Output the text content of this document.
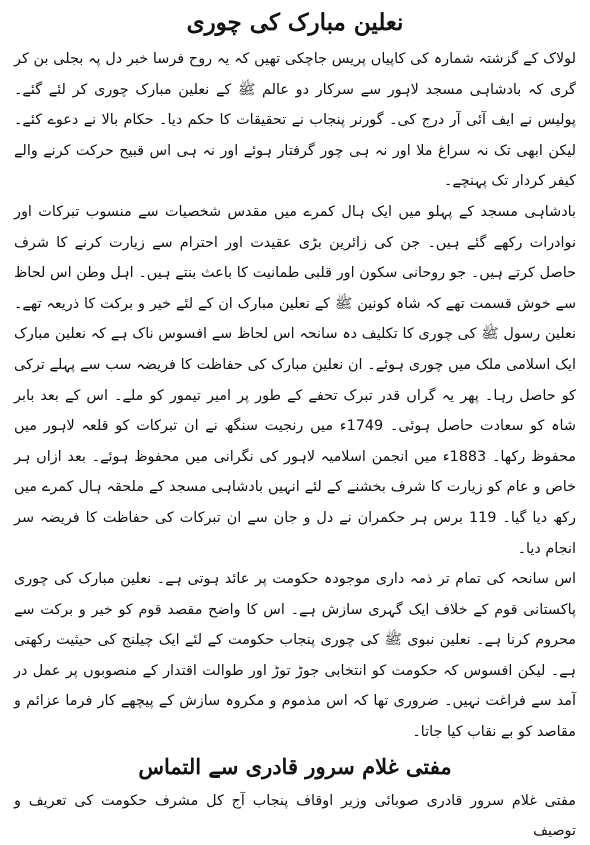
نعلین مبارک کی چوری

لولاک کے گزشتہ شمارہ کی کاپیاں پریس جاچکی تھیں کہ یہ روح فرسا خبر دل پہ بجلی بن کر گری کہ بادشاہی مسجد لاہور سے سرکار دو عالم ﷺ کے نعلین مبارک چوری کر لئے گئے۔ پولیس نے ایف آئی آر درج کی۔ گورنر پنجاب نے تحقیقات کا حکم دیا۔ حکام بالا نے دعوے کئے۔ لیکن ابھی تک نہ سراغ ملا اور نہ ہی چور گرفتار ہوئے اور نہ ہی اس قبیح حرکت کرنے والے کیفر کردار تک پہنچے۔

بادشاہی مسجد کے پہلو میں ایک ہال کمرے میں مقدس شخصیات سے منسوب تبرکات اور نوادرات رکھے گئے ہیں۔ جن کی زائرین بڑی عقیدت اور احترام سے زیارت کرنے کا شرف حاصل کرتے ہیں۔ جو روحانی سکون اور قلبی طمانیت کا باعث بنتے ہیں۔ اہل وطن اس لحاظ سے خوش قسمت تھے کہ شاہ کونین ﷺ کے نعلین مبارک ان کے لئے خیر و برکت کا ذریعہ تھے۔ نعلین رسول ﷺ کی چوری کا تکلیف دہ سانحہ اس لحاظ سے افسوس ناک ہے کہ نعلین مبارک ایک اسلامی ملک میں چوری ہوئے۔ ان نعلین مبارک کی حفاظت کا فریضہ سب سے پہلے ترکی کو حاصل رہا۔ پھر یہ گراں قدر تبرک تحفے کے طور پر امیر تیمور کو ملے۔ اس کے بعد بابر شاہ کو سعادت حاصل ہوئی۔ 1749ء میں رنجیت سنگھ نے ان تبرکات کو قلعہ لاہور میں محفوظ رکھا۔ 1883ء میں انجمن اسلامیہ لاہور کی نگرانی میں محفوظ ہوئے۔ بعد ازاں ہر خاص و عام کو زیارت کا شرف بخشنے کے لئے انہیں بادشاہی مسجد کے ملحقہ ہال کمرے میں رکھ دیا گیا۔ 119 برس ہر حکمران نے دل و جان سے ان تبرکات کی حفاظت کا فریضہ سر انجام دیا۔

اس سانحہ کی تمام تر ذمہ داری موجودہ حکومت پر عائد ہوتی ہے۔ نعلین مبارک کی چوری پاکستانی قوم کے خلاف ایک گہری سازش ہے۔ اس کا واضح مقصد قوم کو خیر و برکت سے محروم کرنا ہے۔ نعلین نبوی ﷺ کی چوری پنجاب حکومت کے لئے ایک چیلنج کی حیثیت رکھتی ہے۔ لیکن افسوس کہ حکومت کو انتخابی جوڑ توڑ اور طوالت اقتدار کے منصوبوں پر عمل در آمد سے فراغت نہیں۔ ضروری تھا کہ اس مذموم و مکروہ سازش کے پیچھے کار فرما عزائم و مقاصد کو بے نقاب کیا جاتا۔

مفتی غلام سرور قادری سے التماس

مفتی غلام سرور قادری صوبائی وزیر اوقاف پنجاب آج کل مشرف حکومت کی تعریف و توصیف
